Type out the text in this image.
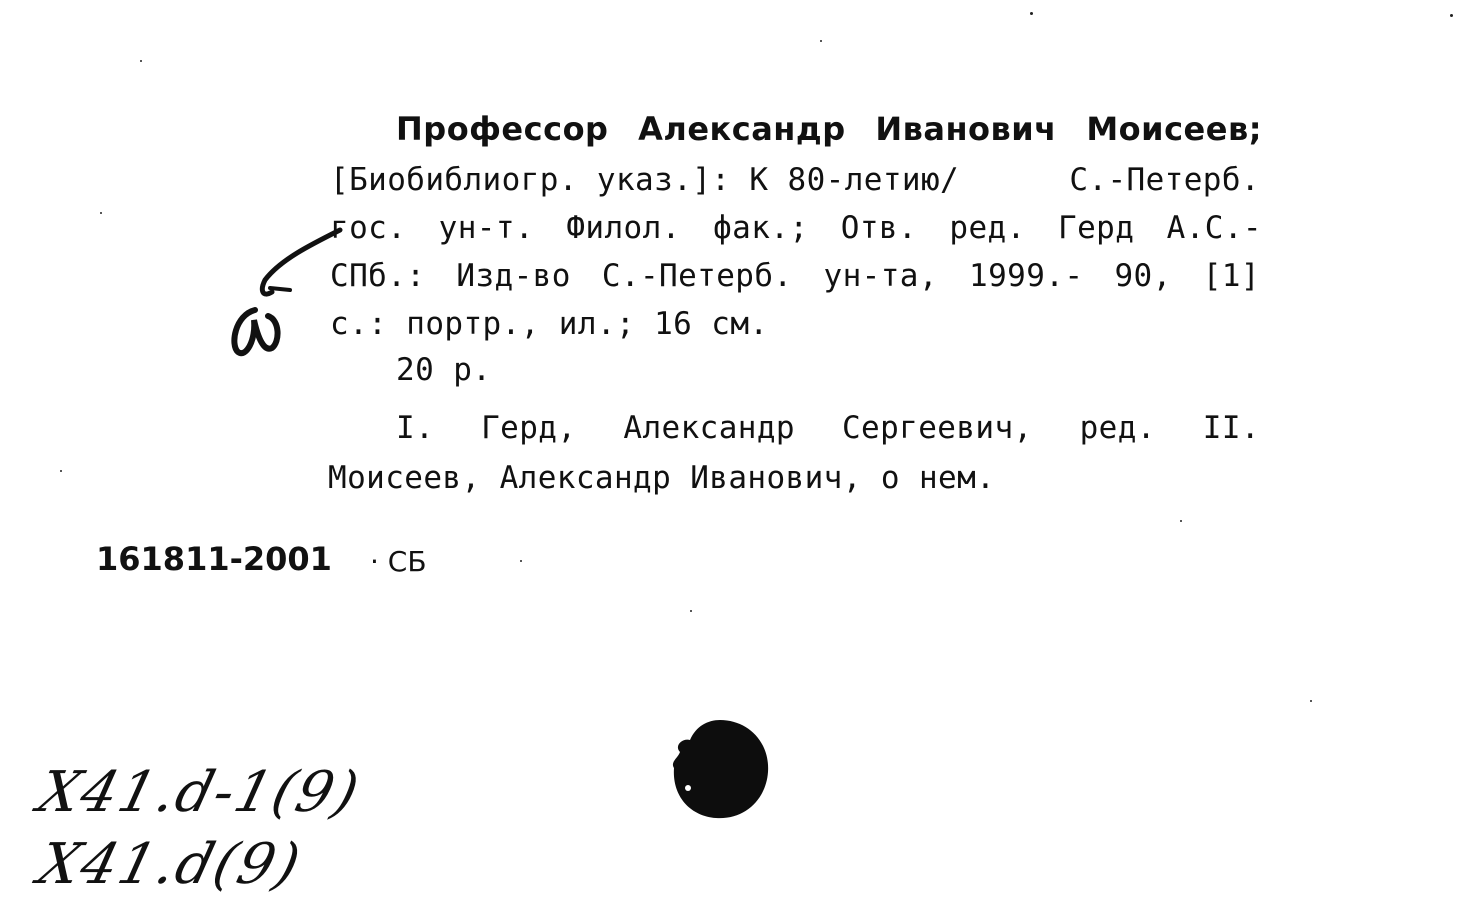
Профессор Александр Иванович Моисеев;
[Биобиблиогр. указ.]: К 80-летию/	С.-Петерб.
гос. ун-т. Филол. фак.; Отв. ред. Герд А.С.-
СПб.: Изд-во С.-Петерб. ун-та, 1999.- 90, [1]
с.: портр., ил.; 16 см.
20 р.
I. Герд, Александр Сергеевич, ред. II.
Моисеев, Александр Иванович, о нем.
161811-2001 · СБ
Х41.d-1(9)
Х41.d(9)
